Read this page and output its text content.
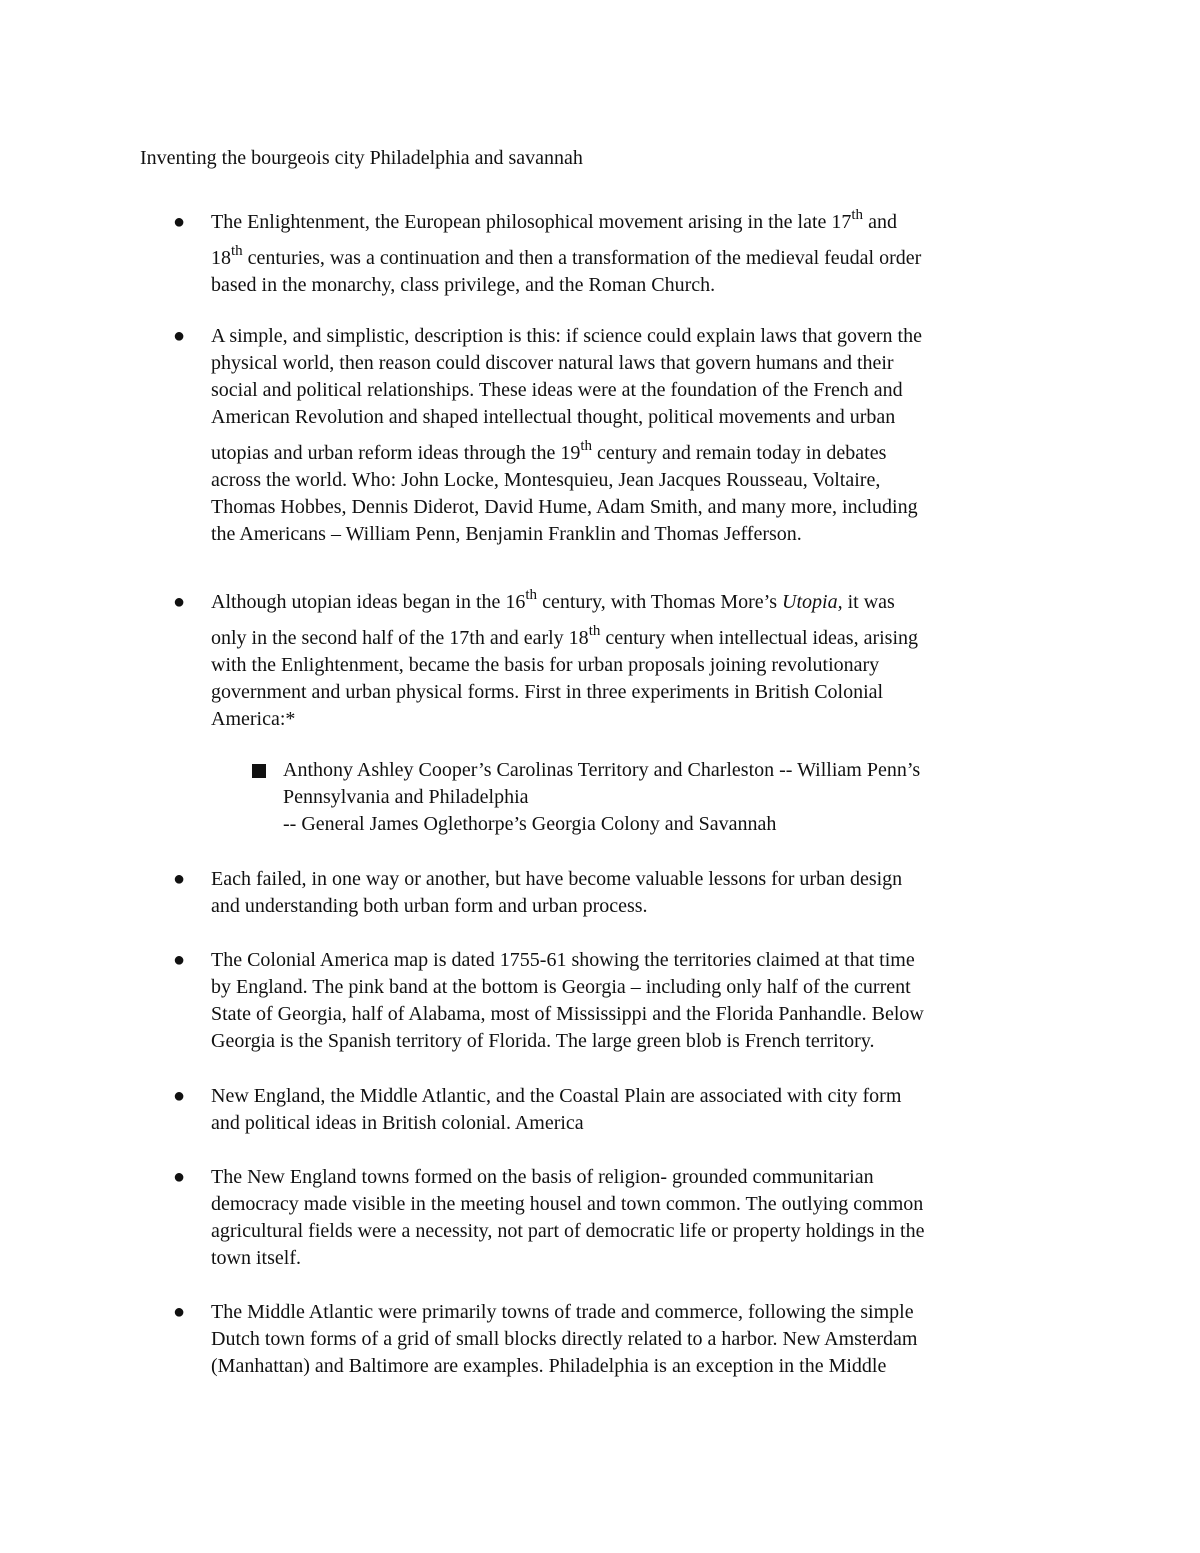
Inventing the bourgeois city Philadelphia and savannah
● The Enlightenment, the European philosophical movement arising in the late 17th and
18th centuries, was a continuation and then a transformation of the medieval feudal order
based in the monarchy, class privilege, and the Roman Church.
● A simple, and simplistic, description is this: if science could explain laws that govern the
physical world, then reason could discover natural laws that govern humans and their
social and political relationships. These ideas were at the foundation of the French and
American Revolution and shaped intellectual thought, political movements and urban
utopias and urban reform ideas through the 19th century and remain today in debates
across the world. Who: John Locke, Montesquieu, Jean Jacques Rousseau, Voltaire,
Thomas Hobbes, Dennis Diderot, David Hume, Adam Smith, and many more, including
the Americans – William Penn, Benjamin Franklin and Thomas Jefferson.
● Although utopian ideas began in the 16th century, with Thomas More’s Utopia, it was
only in the second half of the 17th and early 18th century when intellectual ideas, arising
with the Enlightenment, became the basis for urban proposals joining revolutionary
government and urban physical forms. First in three experiments in British Colonial
America:*
Anthony Ashley Cooper’s Carolinas Territory and Charleston -- William Penn’s
Pennsylvania and Philadelphia
-- General James Oglethorpe’s Georgia Colony and Savannah
● Each failed, in one way or another, but have become valuable lessons for urban design
and understanding both urban form and urban process.
● The Colonial America map is dated 1755-61 showing the territories claimed at that time
by England. The pink band at the bottom is Georgia – including only half of the current
State of Georgia, half of Alabama, most of Mississippi and the Florida Panhandle. Below
Georgia is the Spanish territory of Florida. The large green blob is French territory.
● New England, the Middle Atlantic, and the Coastal Plain are associated with city form
and political ideas in British colonial. America
● The New England towns formed on the basis of religion- grounded communitarian
democracy made visible in the meeting housel and town common. The outlying common
agricultural fields were a necessity, not part of democratic life or property holdings in the
town itself.
● The Middle Atlantic were primarily towns of trade and commerce, following the simple
Dutch town forms of a grid of small blocks directly related to a harbor. New Amsterdam
(Manhattan) and Baltimore are examples. Philadelphia is an exception in the Middle
